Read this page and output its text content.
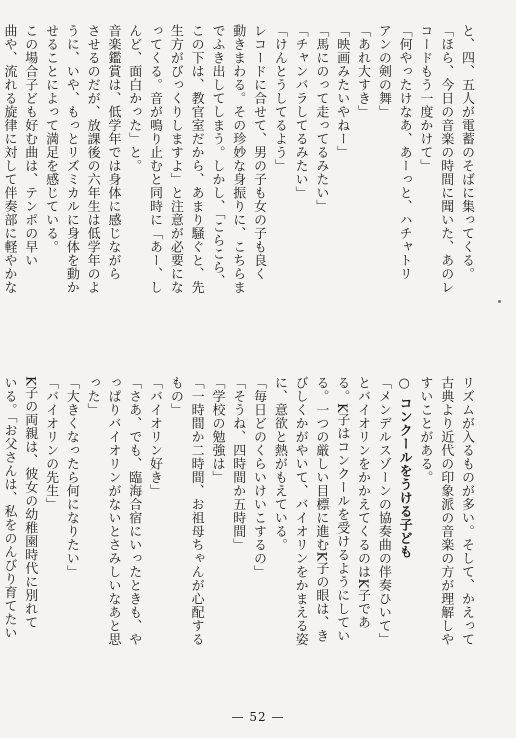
と、四、五人が電蓄のそばに集ってくる。
「ほら、今日の音楽の時間に聞いた、あのレ
コードもう一度かけて」
「何やったけなあ、あーっと、ハチャトリ
アンの剣の舞」
「あれ大すき」
「映画みたいやねー」
「馬にのって走ってるみたい」
「チャンバラしてるみたい」
「けんとうしてるよう」
レコードに合せて、男の子も女の子も良く
動きまわる。その珍妙な身振りに、こちらま
でふき出してしまう。しかし、「こらこら、
この下は、教官室だから、あまり騒ぐと、先
生方がびっくりしますよ」と注意が必要にな
ってくる。音が鳴り止むと同時に「あー、し
んど、面白かった」と。
音楽鑑賞は、低学年では身体に感じながら
させるのだが、放課後の六年生は低学年のよ
うに、いや、もっとリズミカルに身体を動か
せることによって満足を感じている。
この場合子ども好む曲は、テンポの早い
曲や、流れる旋律に対して伴奏部に軽やかな
リズムが入るものが多い。そして、かえって
古典より近代の印象派の音楽の方が理解しや
すいことがある。
○ コンクールをうける子ども
「メンデルスゾーンの協奏曲の伴奏ひいて」
とバイオリンをかかえてくるのはK子であ
る。K子はコンクールを受けるようにしてい
る。一つの厳しい目標に進むK子の眼は、き
びしくかがやいて、バイオリンをかまえる姿
に、意欲と熱がもえている。
「毎日どのくらいけいこするの」
「そうね、四時間か五時間」
「学校の勉強は」
「一時間か二時間、お祖母ちゃんが心配する
もの」
「バイオリン好き」
「さあ、でも、臨海合宿にいったときも、や
っぱりバイオリンがないとさみしいなあと思
った」
「大きくなったら何になりたい」
「バイオリンの先生」
K子の両親は、彼女の幼稚園時代に別れて
いる。「お父さんは、私をのんびり育てたい
— 52 —
